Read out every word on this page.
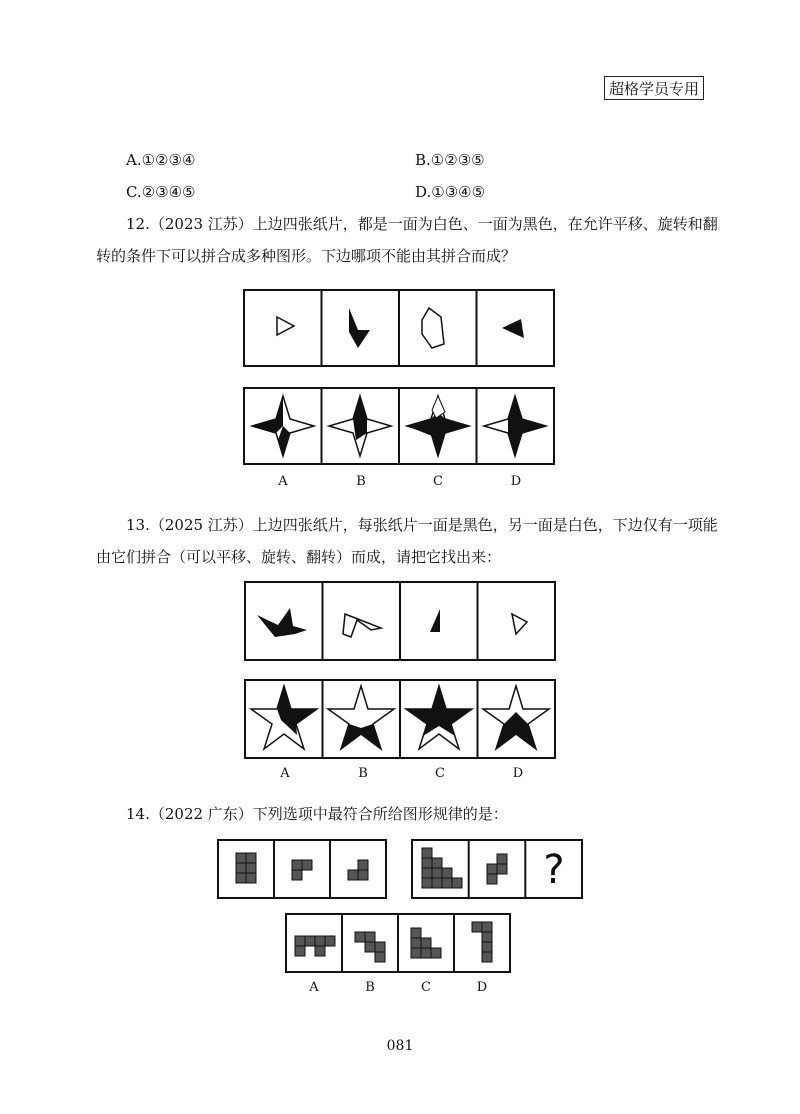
超格学员专用
A.①②③④	B.①②③⑤
C.②③④⑤	D.①③④⑤
12.（2023 江苏）上边四张纸片，都是一面为白色、一面为黑色，在允许平移、旋转和翻
转的条件下可以拼合成多种图形。下边哪项不能由其拼合而成？
A	B	C	D
13.（2025 江苏）上边四张纸片，每张纸片一面是黑色，另一面是白色，下边仅有一项能
由它们拼合（可以平移、旋转、翻转）而成，请把它找出来：
A	B	C	D
14.（2022 广东）下列选项中最符合所给图形规律的是：
?
A	B	C	D
081
